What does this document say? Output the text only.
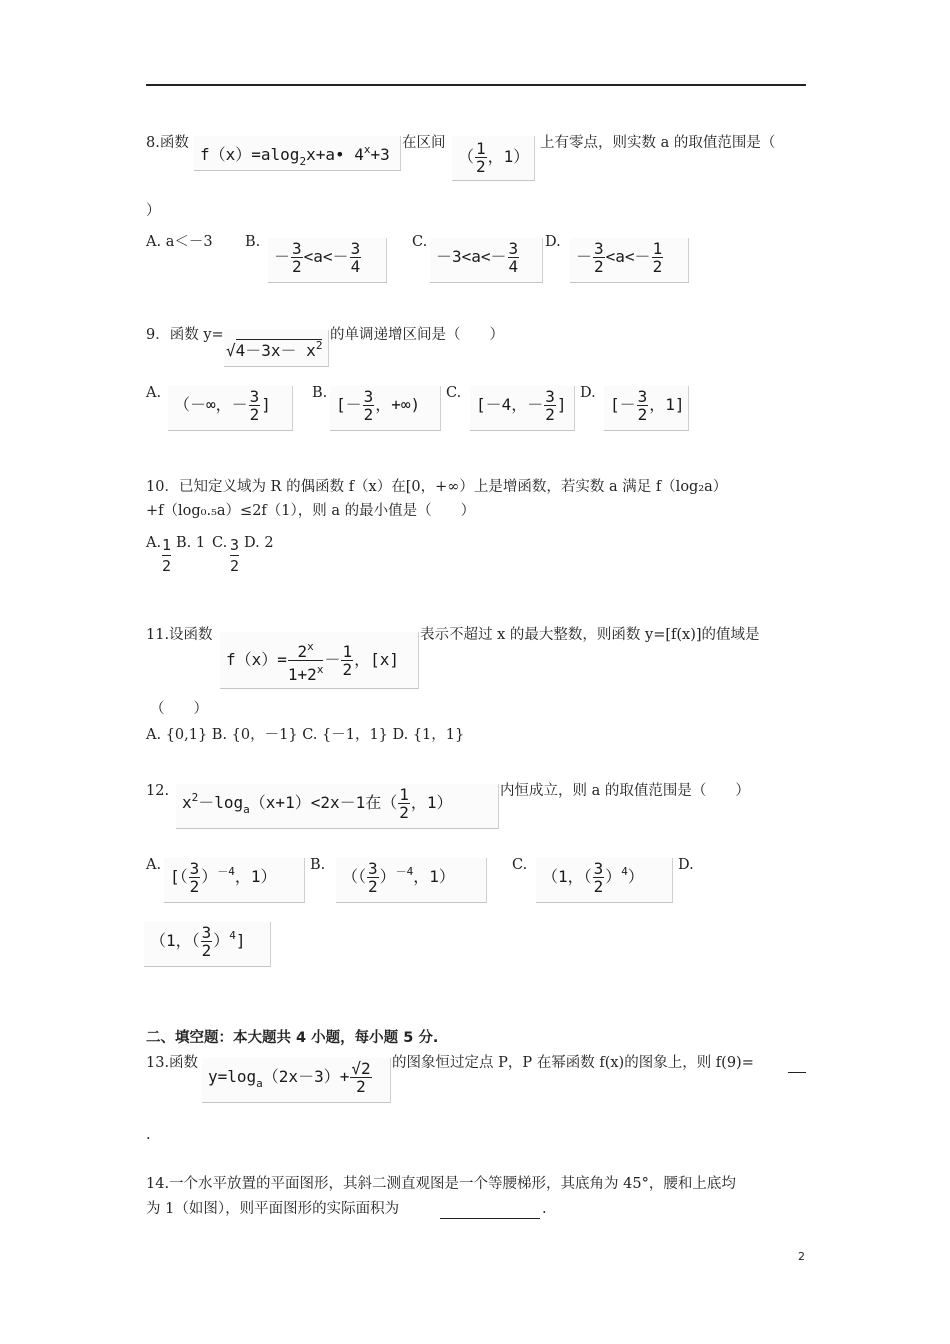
8.函数
f（x）=alog$_2$x+a• $4^x+3$
在区间
（ $\frac{1}{2}$ ，1）
上有零点，则实数 a 的取值范围是（
）
A. a＜－3 B.
－ $\frac{3}{2} <a<- \frac{3}{4}$	C.
$-3<a<- \frac{3}{4} D$.
－ $\frac{3}{2} <a<- \frac{1}{2}$
9．函数 y=
$√4-3x- x^2$
的单调递增区间是（　　）
A.
（－∞，－ $\frac{3}{2}$ ]
B.
[－ $\frac{3}{2}$ ，+∞)
C.
[－4，－ $\frac{3}{2}$ ]
D.
[－ $\frac{3}{2}$ ，1]
10．已知定义域为 R 的偶函数 f（x）在[0，+∞）上是增函数，若实数 a 满足 f（log₂a）
+f（log₀.₅a）≤2f（1），则 a 的最小值是（　　）
A. 1
2
B. 1 C. 3
2
D. 2
11.设函数
$f(x)= \frac{2^x}{1+2^x} - \frac{1}{2}$ ，[x]
表示不超过 x 的最大整数，则函数 y=[f(x)]的值域是
（　　）
A. {0,1} B. {0，－1} C. {－1，1} D. {1，1}
12.
$x^2-\log_a(x+1)<2x-1$在（ $\frac{1}{2}$ ，1）
内恒成立，则 a 的取值范围是（　　）
A.
[（ $\frac{3}{2} )^{-4}$，1）
B.
（（ $\frac{3}{2} )^{-4}$，1）
C.
（1，（ $\frac{3}{2} )^4$）
D.
（1，（ $\frac{3}{2} )^4$]
二、填空题：本大题共 4 小题，每小题 5 分.
13.函数
$y=\log_a(2x-3)+ \frac{√2}{2}$ 的图象恒过定点 P，P 在幂函数 f(x)的图象上，则 f(9)=
.
14.一个水平放置的平面图形，其斜二测直观图是一个等腰梯形，其底角为 45°，腰和上底均
为 1（如图），则平面图形的实际面积为	.
2
